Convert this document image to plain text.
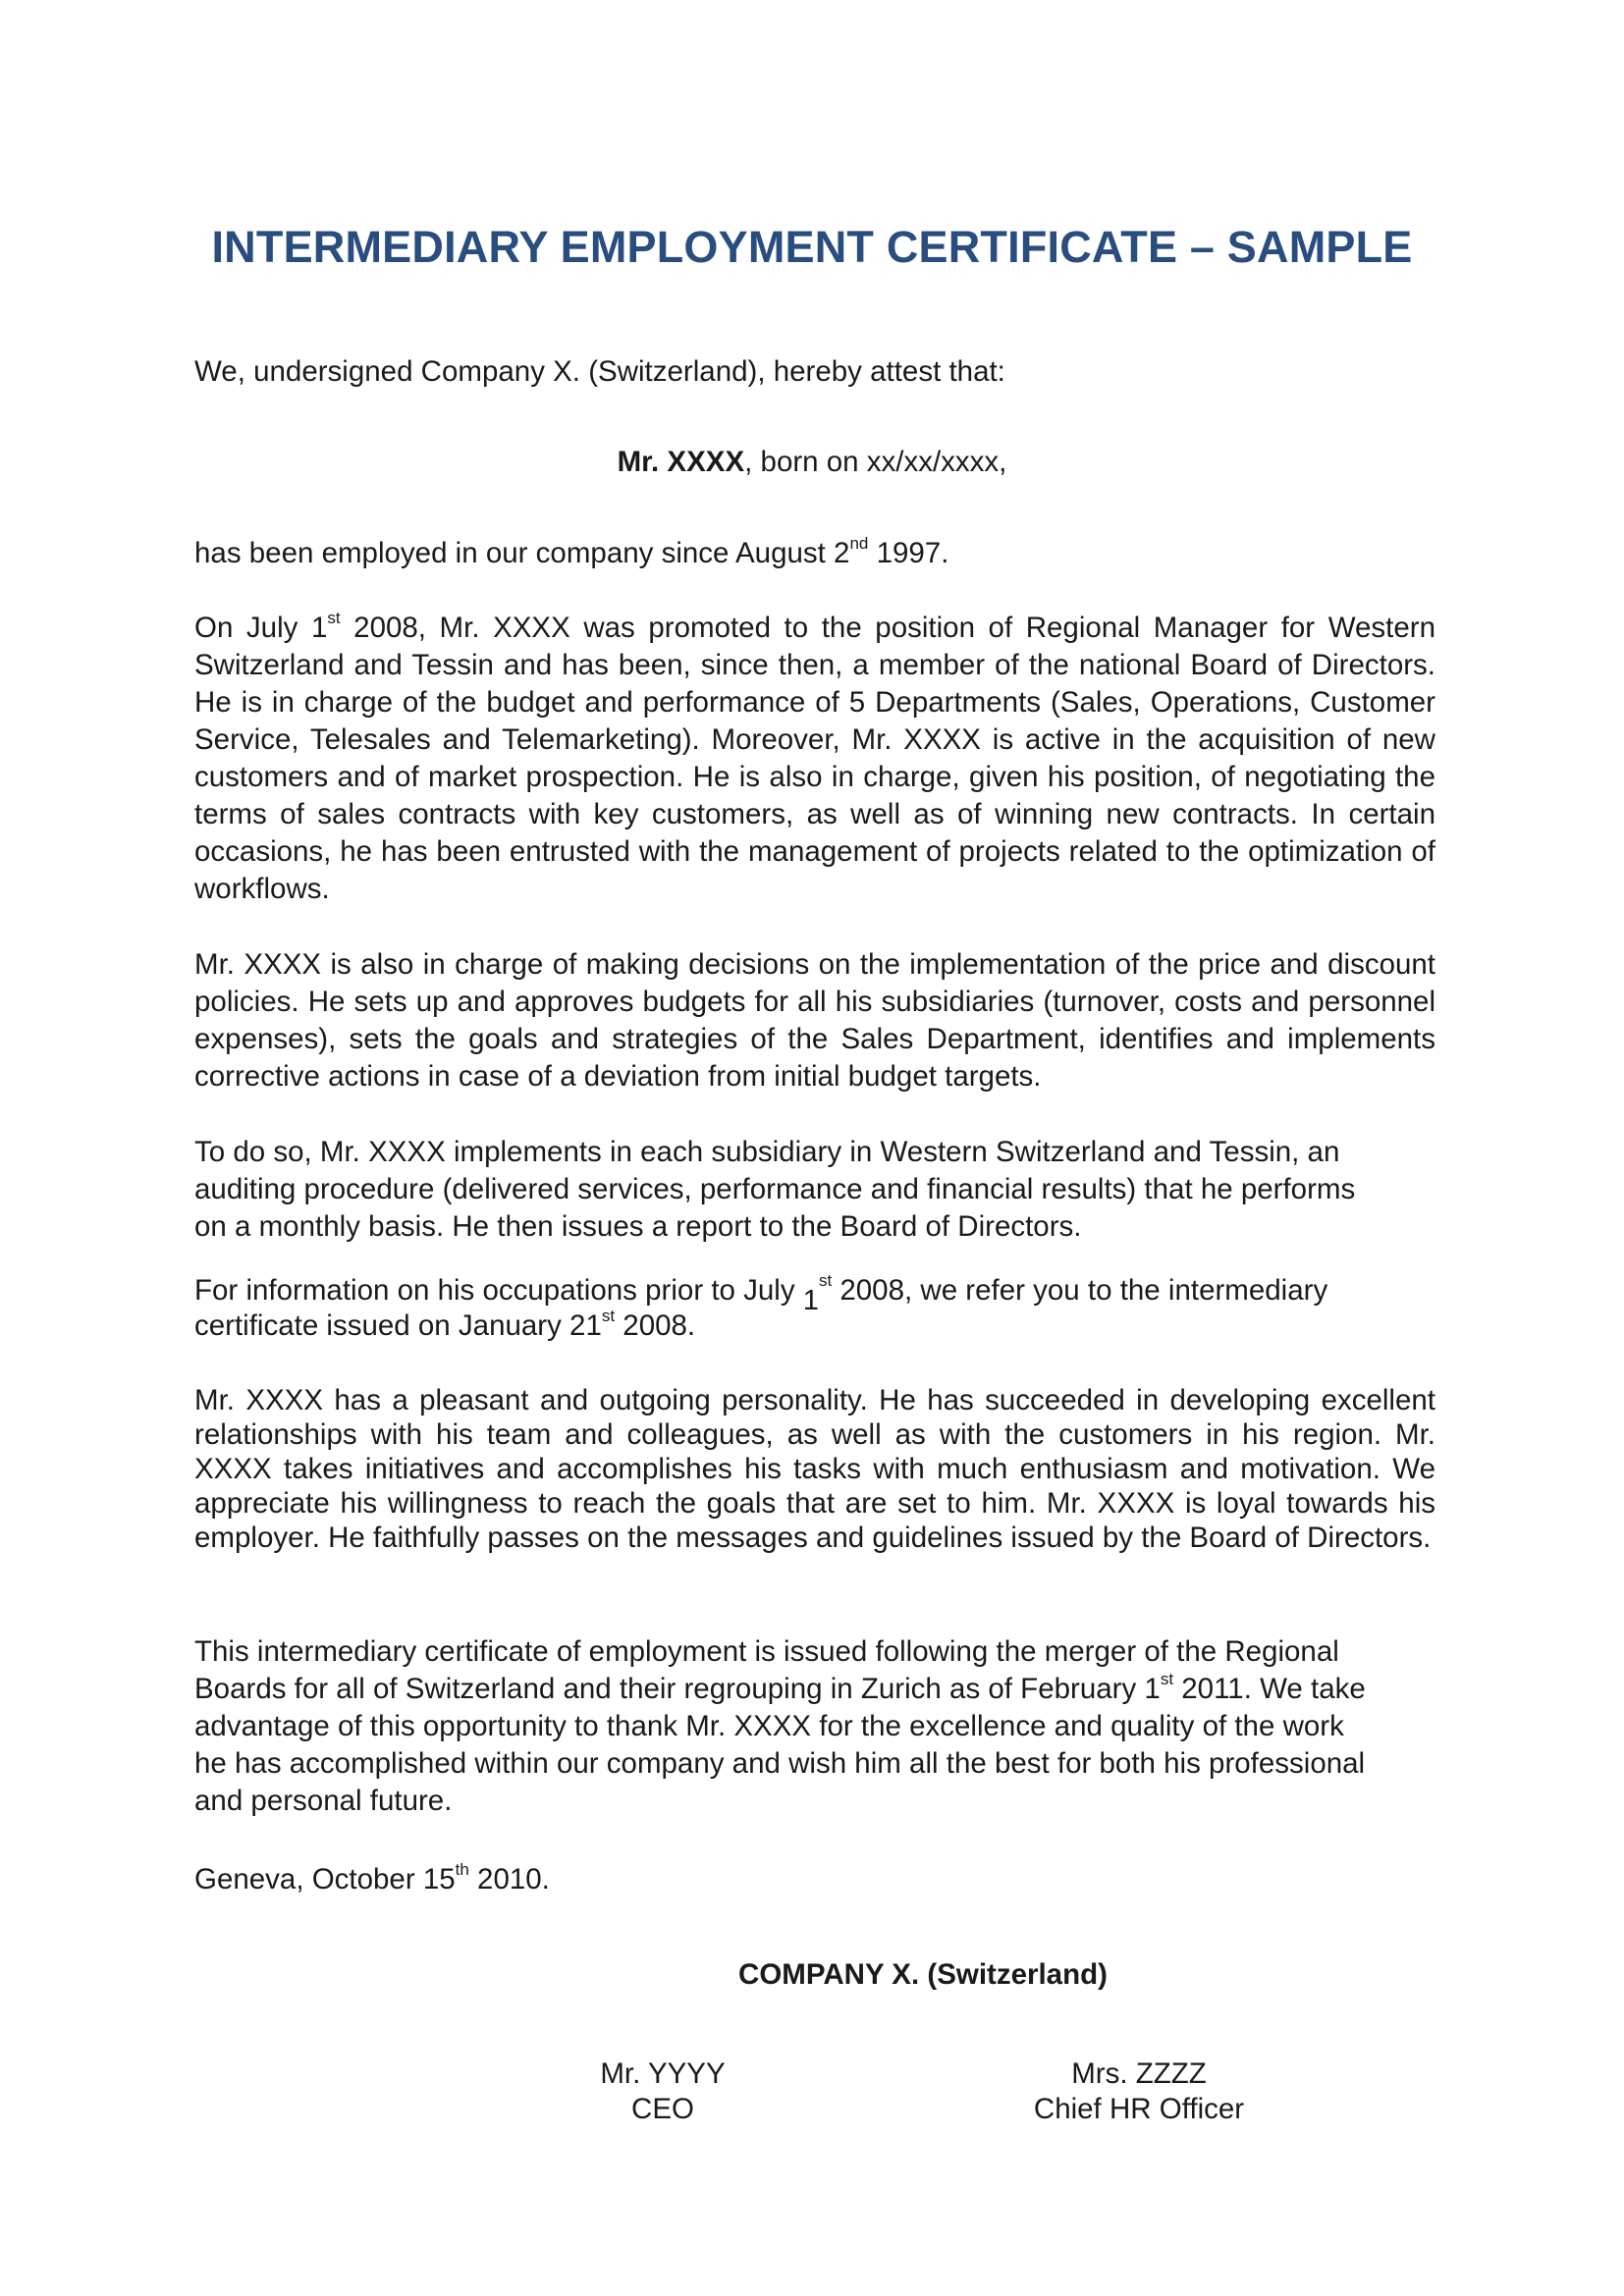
INTERMEDIARY EMPLOYMENT CERTIFICATE – SAMPLE
We, undersigned Company X. (Switzerland), hereby attest that:
Mr. XXXX, born on xx/xx/xxxx,
has been employed in our company since August 2nd 1997.
On July 1st 2008, Mr. XXXX was promoted to the position of Regional Manager for Western Switzerland and Tessin and has been, since then, a member of the national Board of Directors. He is in charge of the budget and performance of 5 Departments (Sales, Operations, Customer Service, Telesales and Telemarketing). Moreover, Mr. XXXX is active in the acquisition of new customers and of market prospection. He is also in charge, given his position, of negotiating the terms of sales contracts with key customers, as well as of winning new contracts. In certain occasions, he has been entrusted with the management of projects related to the optimization of workflows.
Mr. XXXX is also in charge of making decisions on the implementation of the price and discount policies. He sets up and approves budgets for all his subsidiaries (turnover, costs and personnel expenses), sets the goals and strategies of the Sales Department, identifies and implements corrective actions in case of a deviation from initial budget targets.
To do so, Mr. XXXX implements in each subsidiary in Western Switzerland and Tessin, an
auditing procedure (delivered services, performance and financial results) that he performs
on a monthly basis. He then issues a report to the Board of Directors.
For information on his occupations prior to July 1st 2008, we refer you to the intermediary
certificate issued on January 21st 2008.
Mr. XXXX has a pleasant and outgoing personality. He has succeeded in developing excellent relationships with his team and colleagues, as well as with the customers in his region. Mr. XXXX takes initiatives and accomplishes his tasks with much enthusiasm and motivation. We appreciate his willingness to reach the goals that are set to him. Mr. XXXX is loyal towards his employer. He faithfully passes on the messages and guidelines issued by the Board of Directors.
This intermediary certificate of employment is issued following the merger of the Regional
Boards for all of Switzerland and their regrouping in Zurich as of February 1st 2011. We take
advantage of this opportunity to thank Mr. XXXX for the excellence and quality of the work
he has accomplished within our company and wish him all the best for both his professional
and personal future.
Geneva, October 15th 2010.
COMPANY X. (Switzerland)
Mr. YYYY
CEO
Mrs. ZZZZ
Chief HR Officer
